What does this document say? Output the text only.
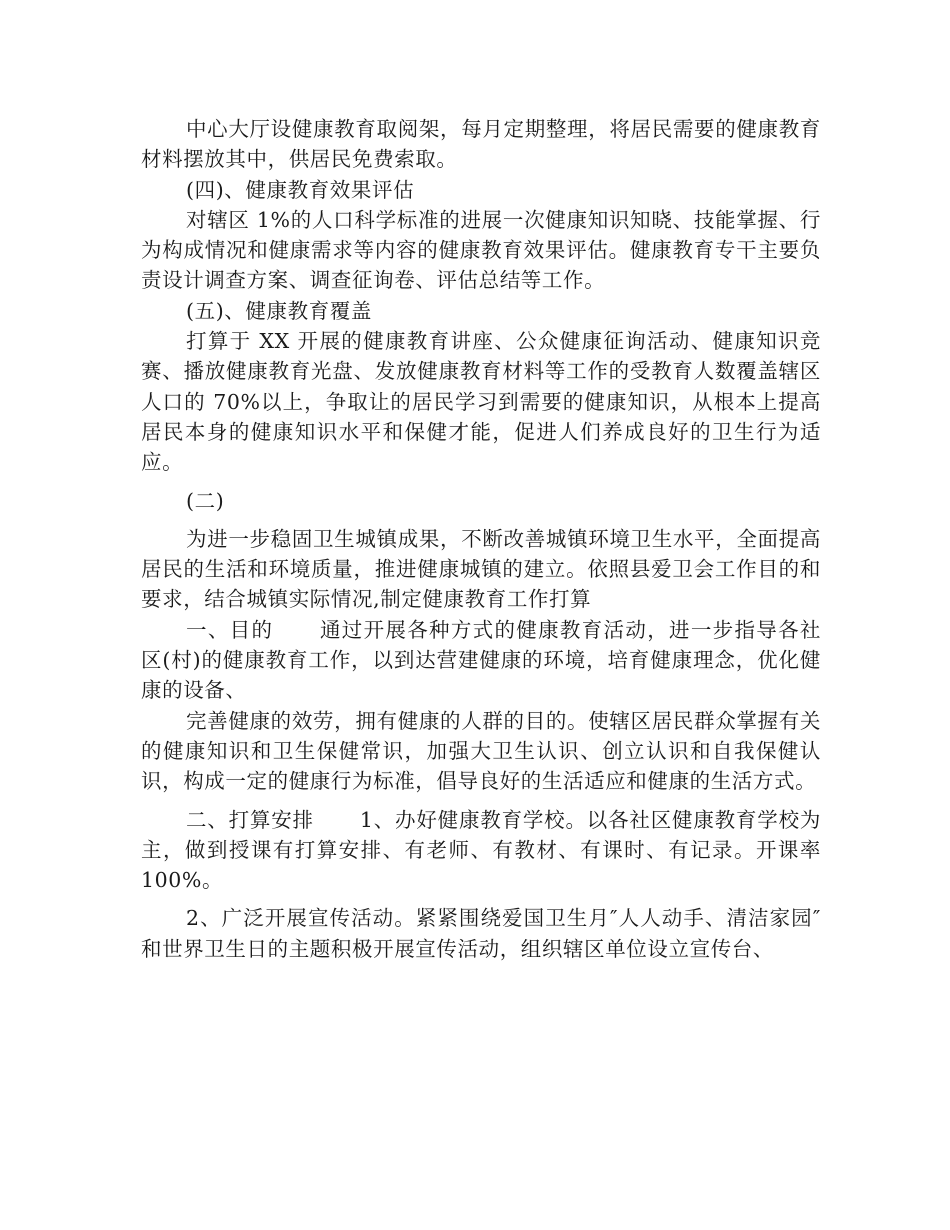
中心大厅设健康教育取阅架，每月定期整理，将居民需要的健康教育材料摆放其中，供居民免费索取。

(四)、健康教育效果评估

对辖区 1%的人口科学标准的进展一次健康知识知晓、技能掌握、行为构成情况和健康需求等内容的健康教育效果评估。健康教育专干主要负责设计调查方案、调查征询卷、评估总结等工作。

(五)、健康教育覆盖

打算于 XX 开展的健康教育讲座、公众健康征询活动、健康知识竞赛、播放健康教育光盘、发放健康教育材料等工作的受教育人数覆盖辖区人口的 70%以上，争取让的居民学习到需要的健康知识，从根本上提高居民本身的健康知识水平和保健才能，促进人们养成良好的卫生行为适应。

(二)

为进一步稳固卫生城镇成果，不断改善城镇环境卫生水平，全面提高居民的生活和环境质量，推进健康城镇的建立。依照县爱卫会工作目的和要求，结合城镇实际情况,制定健康教育工作打算

一、目的 通过开展各种方式的健康教育活动，进一步指导各社区(村)的健康教育工作，以到达营建健康的环境，培育健康理念，优化健康的设备、

完善健康的效劳，拥有健康的人群的目的。使辖区居民群众掌握有关的健康知识和卫生保健常识，加强大卫生认识、创立认识和自我保健认识，构成一定的健康行为标准，倡导良好的生活适应和健康的生活方式。

二、打算安排 1、办好健康教育学校。以各社区健康教育学校为主，做到授课有打算安排、有老师、有教材、有课时、有记录。开课率 100%。

2、广泛开展宣传活动。紧紧围绕爱国卫生月″人人动手、清洁家园″和世界卫生日的主题积极开展宣传活动，组织辖区单位设立宣传台、
